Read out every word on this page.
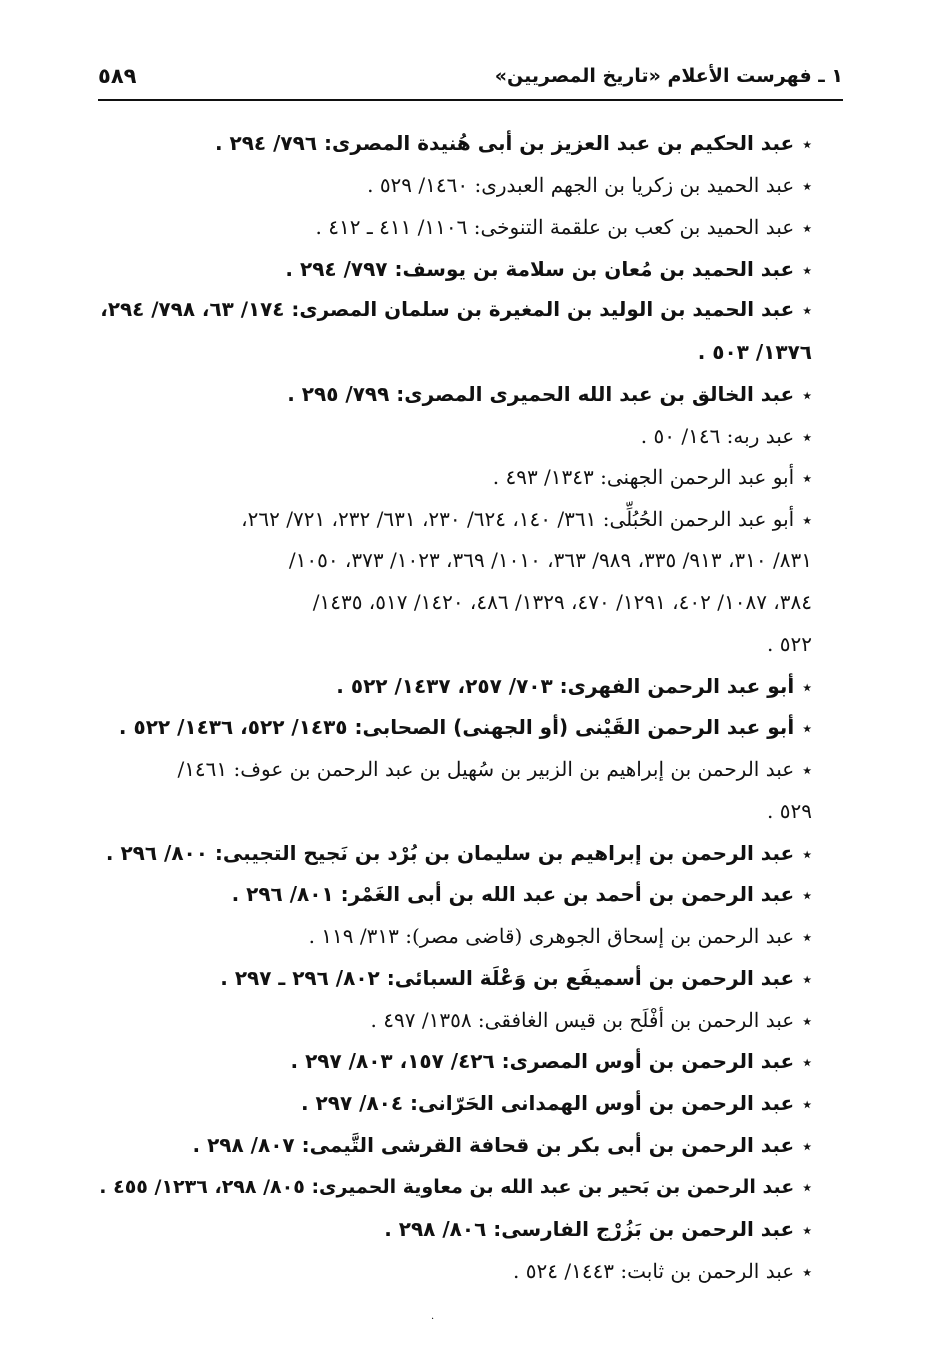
١ ـ فهرست الأعلام «تاريخ المصريين»
٥٨٩
٭عبد الحكيم بن عبد العزيز بن أبى هُنيدة المصرى: ٧٩٦/ ٢٩٤ .
٭عبد الحميد بن زكريا بن الجهم العبدرى: ١٤٦٠/ ٥٢٩ .
٭عبد الحميد بن كعب بن علقمة التنوخى: ١١٠٦/ ٤١١ ـ ٤١٢ .
٭عبد الحميد بن مُعان بن سلامة بن يوسف: ٧٩٧/ ٢٩٤ .
٭عبد الحميد بن الوليد بن المغيرة بن سلمان المصرى: ١٧٤/ ٦٣، ٧٩٨/ ٢٩٤،
١٣٧٦/ ٥٠٣ .
٭عبد الخالق بن عبد الله الحميرى المصرى: ٧٩٩/ ٢٩٥ .
٭عبد ربه: ١٤٦/ ٥٠ .
٭أبو عبد الرحمن الجهنى: ١٣٤٣/ ٤٩٣ .
٭أبو عبد الرحمن الحُبُلِّى: ٣٦١/ ١٤٠، ٦٢٤/ ٢٣٠، ٦٣١/ ٢٣٢، ٧٢١/ ٢٦٢،
٨٣١/ ٣١٠، ٩١٣/ ٣٣٥، ٩٨٩/ ٣٦٣، ١٠١٠/ ٣٦٩، ١٠٢٣/ ٣٧٣، ١٠٥٠/
٣٨٤، ١٠٨٧/ ٤٠٢، ١٢٩١/ ٤٧٠، ١٣٢٩/ ٤٨٦، ١٤٢٠/ ٥١٧، ١٤٣٥/
٥٢٢ .
٭أبو عبد الرحمن الفهرى: ٧٠٣/ ٢٥٧، ١٤٣٧/ ٥٢٢ .
٭أبو عبد الرحمن القَيْنى (أو الجهنى) الصحابى: ١٤٣٥/ ٥٢٢، ١٤٣٦/ ٥٢٢ .
٭عبد الرحمن بن إبراهيم بن الزبير بن سُهيل بن عبد الرحمن بن عوف: ١٤٦١/
٥٢٩ .
٭عبد الرحمن بن إبراهيم بن سليمان بن بُرْد بن نَجيح التجيبى: ٨٠٠/ ٢٩٦ .
٭عبد الرحمن بن أحمد بن عبد الله بن أبى الغَمْر: ٨٠١/ ٢٩٦ .
٭عبد الرحمن بن إسحاق الجوهرى (قاضى مصر): ٣١٣/ ١١٩ .
٭عبد الرحمن بن أسميفَع بن وَعْلَة السبائى: ٨٠٢/ ٢٩٦ ـ ٢٩٧ .
٭عبد الرحمن بن أفْلَح بن قيس الغافقى: ١٣٥٨/ ٤٩٧ .
٭عبد الرحمن بن أوس المصرى: ٤٢٦/ ١٥٧، ٨٠٣/ ٢٩٧ .
٭عبد الرحمن بن أوس الهمدانى الحَرّانى: ٨٠٤/ ٢٩٧ .
٭عبد الرحمن بن أبى بكر بن قحافة القرشى التَّيمى: ٨٠٧/ ٢٩٨ .
٭عبد الرحمن بن بَحير بن عبد الله بن معاوية الحميرى: ٨٠٥/ ٢٩٨، ١٢٣٦/ ٤٥٥ .
٭عبد الرحمن بن بَزُرْج الفارسى: ٨٠٦/ ٢٩٨ .
٭عبد الرحمن بن ثابت: ١٤٤٣/ ٥٢٤ .
·
